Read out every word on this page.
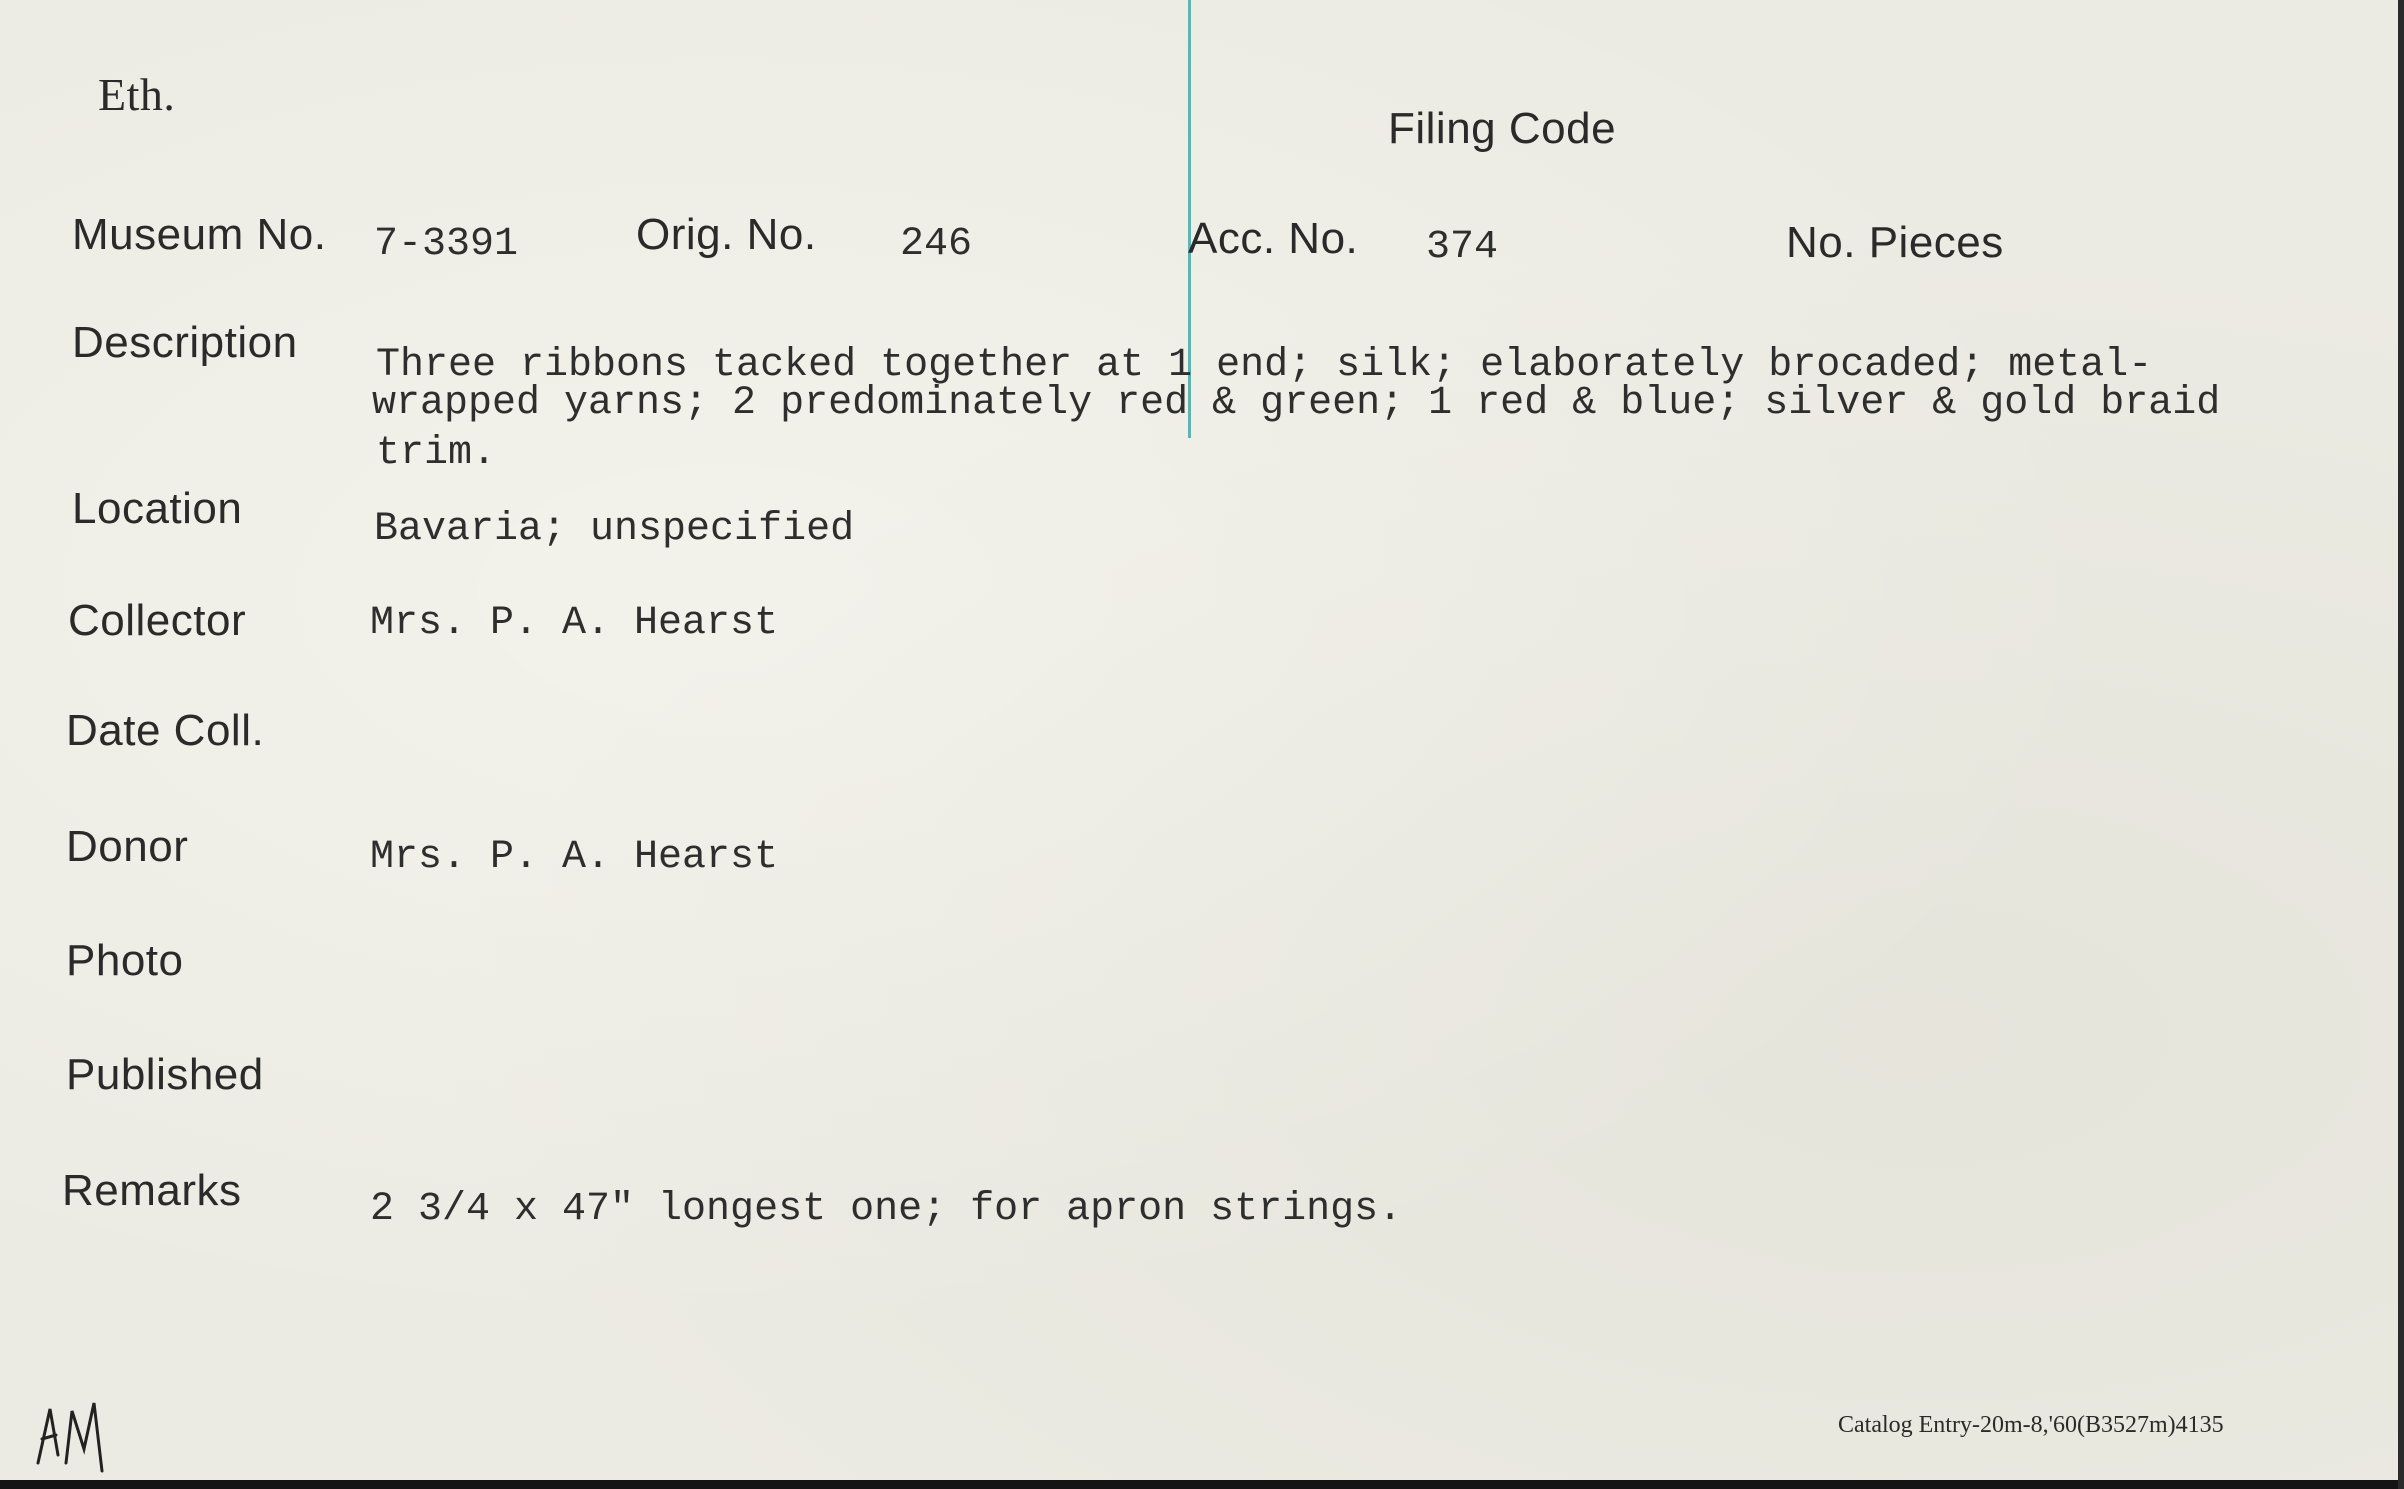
Eth.
Filing Code
Museum No. 7-3391	Orig. No. 246	Acc. No. 374	No. Pieces
Description Three ribbons tacked together at 1 end; silk; elaborately brocaded; metal-
wrapped yarns; 2 predominately red & green; 1 red & blue; silver & gold braid
trim.
Location	Bavaria; unspecified
Collector	Mrs. P. A. Hearst
Date Coll.
Donor	Mrs. P. A. Hearst
Photo
Published
Remarks	2 3/4 x 47" longest one; for apron strings.
Catalog Entry-20m-8,'60(B3527m)4135
